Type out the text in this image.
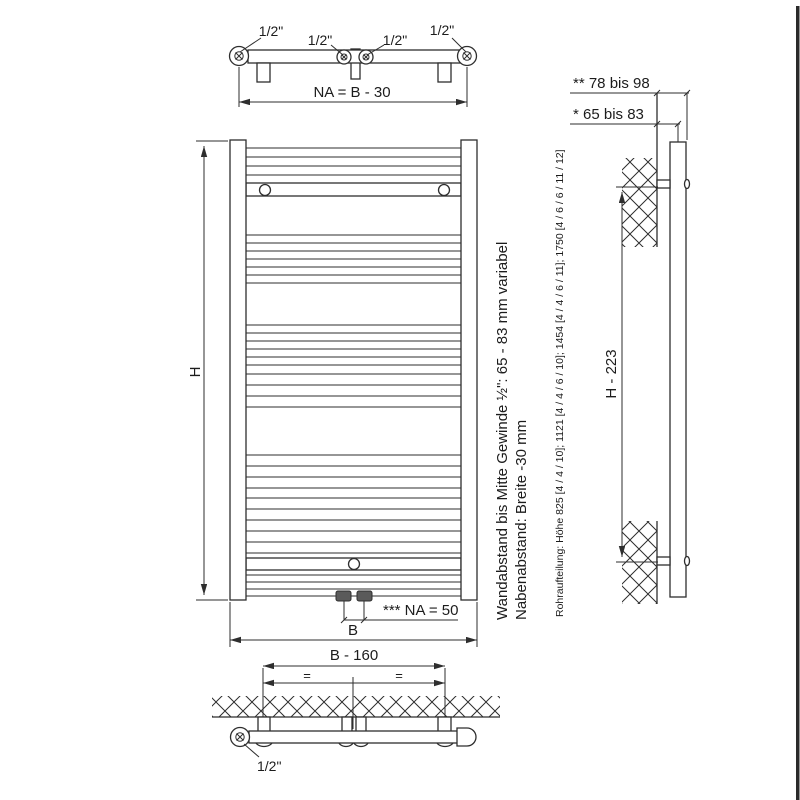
1/2"
1/2"	1/2"
1/2"
NA = B - 30
H
*** NA = 50
B
B - 160
=	=
1/2"
** 78 bis 98
* 65 bis 83
H - 223
Wandabstand bis Mitte Gewinde ½": 65 - 83 mm variabel Nabenabstand: Breite -30 mm Rohraufteilung: Höhe 825 [4 / 4 / 10]; 1121 [4 / 4 / 6 / 10]; 1454 [4 / 4 / 6 / 11]; 1750 [4 / 6 / 6 / 11 / 12]
